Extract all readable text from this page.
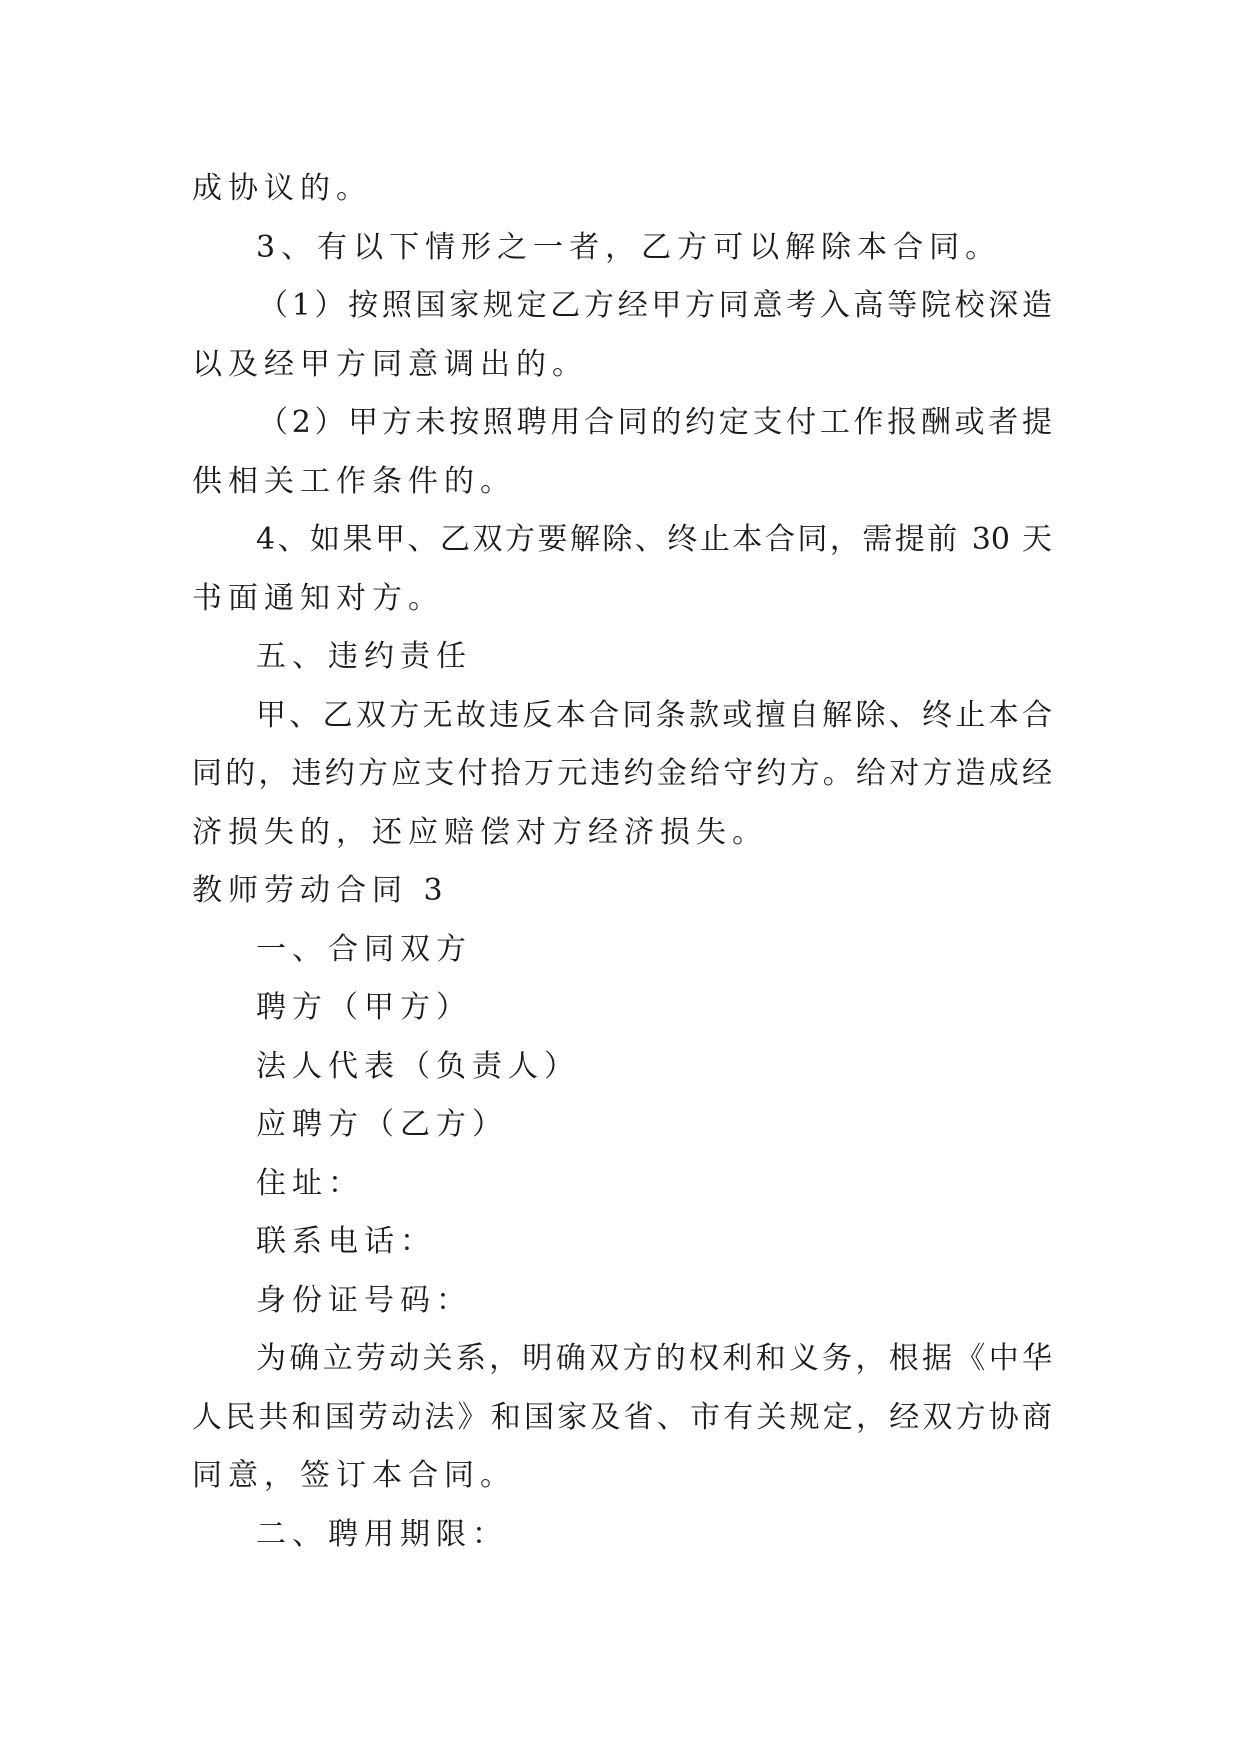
成协议的。
3、有以下情形之一者，乙方可以解除本合同。
（1）按照国家规定乙方经甲方同意考入高等院校深造
以及经甲方同意调出的。
（2）甲方未按照聘用合同的约定支付工作报酬或者提
供相关工作条件的。
4、如果甲、乙双方要解除、终止本合同，需提前 30 天
书面通知对方。
五、违约责任
甲、乙双方无故违反本合同条款或擅自解除、终止本合
同的，违约方应支付拾万元违约金给守约方。给对方造成经
济损失的，还应赔偿对方经济损失。
教师劳动合同 3
一、合同双方
聘方（甲方）
法人代表（负责人）
应聘方（乙方）
住址：
联系电话：
身份证号码：
为确立劳动关系，明确双方的权利和义务，根据《中华
人民共和国劳动法》和国家及省、市有关规定，经双方协商
同意，签订本合同。
二、聘用期限：
